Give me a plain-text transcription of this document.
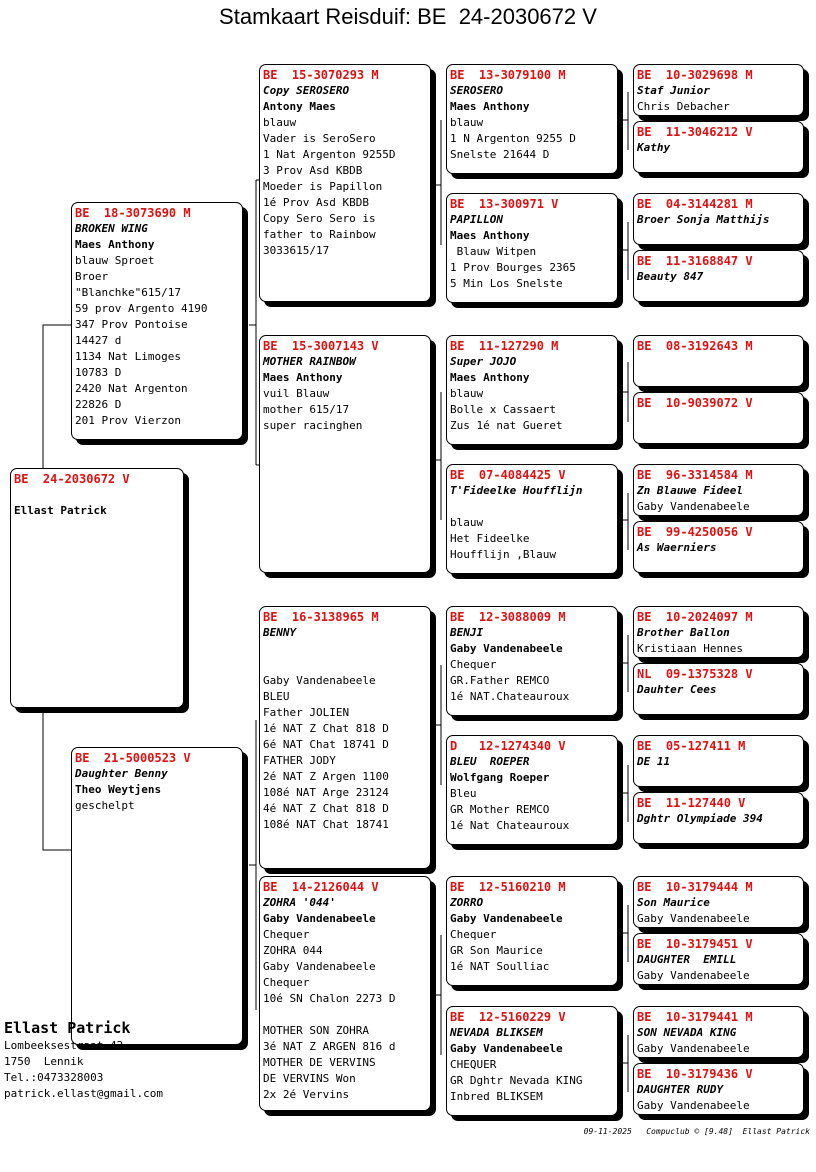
Stamkaart Reisduif: BE  24-2030672 V
BE  24-2030672 V

Ellast Patrick
BE  18-3073690 M
BROKEN WING
Maes Anthony
blauw Sproet
Broer
"Blanchke"615/17
59 prov Argento 4190
347 Prov Pontoise
14427 d
1134 Nat Limoges
10783 D
2420 Nat Argenton
22826 D
201 Prov Vierzon
BE  21-5000523 V
Daughter Benny
Theo Weytjens
geschelpt
BE  15-3070293 M
Copy SEROSERO
Antony Maes
blauw
Vader is SeroSero
1 Nat Argenton 9255D
3 Prov Asd KBDB
Moeder is Papillon
1é Prov Asd KBDB
Copy Sero Sero is
father to Rainbow
3033615/17
BE  15-3007143 V
MOTHER RAINBOW
Maes Anthony
vuil Blauw
mother 615/17
super racinghen
BE  16-3138965 M
BENNY

Gaby Vandenabeele
BLEU
Father JOLIEN
1é NAT Z Chat 818 D
6é NAT Chat 18741 D
FATHER JODY
2é NAT Z Argen 1100
108é NAT Arge 23124
4é NAT Z Chat 818 D
108é NAT Chat 18741
BE  14-2126044 V
ZOHRA '044'
Gaby Vandenabeele
Chequer
ZOHRA 044
Gaby Vandenabeele
Chequer
10é SN Chalon 2273 D

MOTHER SON ZOHRA
3é NAT Z ARGEN 816 d
MOTHER DE VERVINS
DE VERVINS Won
2x 2é Vervins
BE  13-3079100 M
SEROSERO
Maes Anthony
blauw
1 N Argenton 9255 D
Snelste 21644 D
BE  13-300971 V
PAPILLON
Maes Anthony
Blauw Witpen
1 Prov Bourges 2365
5 Min Los Snelste
BE  11-127290 M
Super JOJO
Maes Anthony
blauw
Bolle x Cassaert
Zus 1é nat Gueret
BE  07-4084425 V
T'Fideelke Houfflijn

blauw
Het Fideelke
Houfflijn ,Blauw
BE  12-3088009 M
BENJI
Gaby Vandenabeele
Chequer
GR.Father REMCO
1é NAT.Chateauroux
D   12-1274340 V
BLEU  ROEPER
Wolfgang Roeper
Bleu
GR Mother REMCO
1é Nat Chateauroux
BE  12-5160210 M
ZORRO
Gaby Vandenabeele
Chequer
GR Son Maurice
1é NAT Soulliac
BE  12-5160229 V
NEVADA BLIKSEM
Gaby Vandenabeele
CHEQUER
GR Dghtr Nevada KING
Inbred BLIKSEM
BE  10-3029698 M
Staf Junior
Chris Debacher
BE  11-3046212 V
Kathy
BE  04-3144281 M
Broer Sonja Matthijs
BE  11-3168847 V
Beauty 847
BE  08-3192643 M
BE  10-9039072 V
BE  96-3314584 M
Zn Blauwe Fideel
Gaby Vandenabeele
BE  99-4250056 V
As Waerniers
BE  10-2024097 M
Brother Ballon
Kristiaan Hennes
NL  09-1375328 V
Dauhter Cees
BE  05-127411 M
DE 11
BE  11-127440 V
Dghtr Olympiade 394
BE  10-3179444 M
Son Maurice
Gaby Vandenabeele
BE  10-3179451 V
DAUGHTER  EMILL
Gaby Vandenabeele
BE  10-3179441 M
SON NEVADA KING
Gaby Vandenabeele
BE  10-3179436 V
DAUGHTER RUDY
Gaby Vandenabeele
Ellast Patrick
Lombeeksestraat 42
1750  Lennik
Tel.:0473328003
patrick.ellast@gmail.com
09-11-2025   Compuclub © [9.48]  Ellast Patrick
